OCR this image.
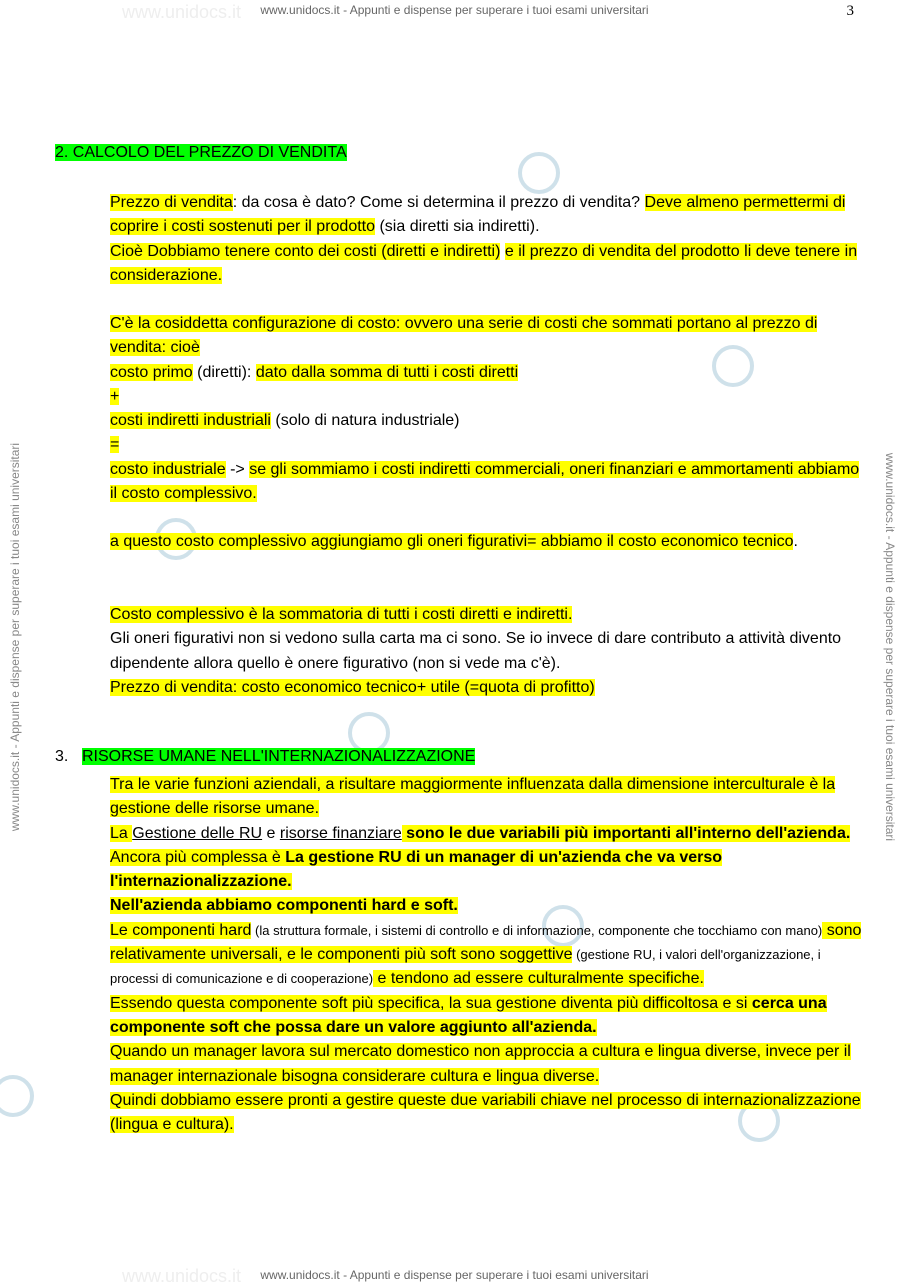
www.unidocs.it
www.unidocs.it
www.unidocs.it - Appunti e dispense per superare i tuoi esami universitari	3
www.unidocs.it - Appunti e dispense per superare i tuoi esami universitari	www.unidocs.it - Appunti e dispense per superare i tuoi esami universitari
www.unidocs.it - Appunti e dispense per superare i tuoi esami universitari
2. CALCOLO DEL PREZZO DI VENDITA

Prezzo di vendita: da cosa è dato? Come si determina il prezzo di vendita? Deve almeno permettermi di coprire i costi sostenuti per il prodotto (sia diretti sia indiretti).

Cioè Dobbiamo tenere conto dei costi (diretti e indiretti) e il prezzo di vendita del prodotto li deve tenere in considerazione.

C'è la cosiddetta configurazione di costo: ovvero una serie di costi che sommati portano al prezzo di vendita: cioè

costo primo (diretti): dato dalla somma di tutti i costi diretti

+

costi indiretti industriali (solo di natura industriale)

=

costo industriale -> se gli sommiamo i costi indiretti commerciali, oneri finanziari e ammortamenti abbiamo il costo complessivo.

a questo costo complessivo aggiungiamo gli oneri figurativi= abbiamo il costo economico tecnico.

Costo complessivo è la sommatoria di tutti i costi diretti e indiretti.

Gli oneri figurativi non si vedono sulla carta ma ci sono. Se io invece di dare contributo a attività divento dipendente allora quello è onere figurativo (non si vede ma c'è).

Prezzo di vendita: costo economico tecnico+ utile (=quota di profitto)

3. RISORSE UMANE NELL'INTERNAZIONALIZZAZIONE

Tra le varie funzioni aziendali, a risultare maggiormente influenzata dalla dimensione interculturale è la gestione delle risorse umane.

La Gestione delle RU e risorse finanziare sono le due variabili più importanti all'interno dell'azienda.

Ancora più complessa è La gestione RU di un manager di un'azienda che va verso l'internazionalizzazione.

Nell'azienda abbiamo componenti hard e soft.

Le componenti hard (la struttura formale, i sistemi di controllo e di informazione, componente che tocchiamo con mano) sono relativamente universali, e le componenti più soft sono soggettive (gestione RU, i valori dell'organizzazione, i processi di comunicazione e di cooperazione) e tendono ad essere culturalmente specifiche.

Essendo questa componente soft più specifica, la sua gestione diventa più difficoltosa e si cerca una componente soft che possa dare un valore aggiunto all'azienda.

Quando un manager lavora sul mercato domestico non approccia a cultura e lingua diverse, invece per il manager internazionale bisogna considerare cultura e lingua diverse.

Quindi dobbiamo essere pronti a gestire queste due variabili chiave nel processo di internazionalizzazione (lingua e cultura).
